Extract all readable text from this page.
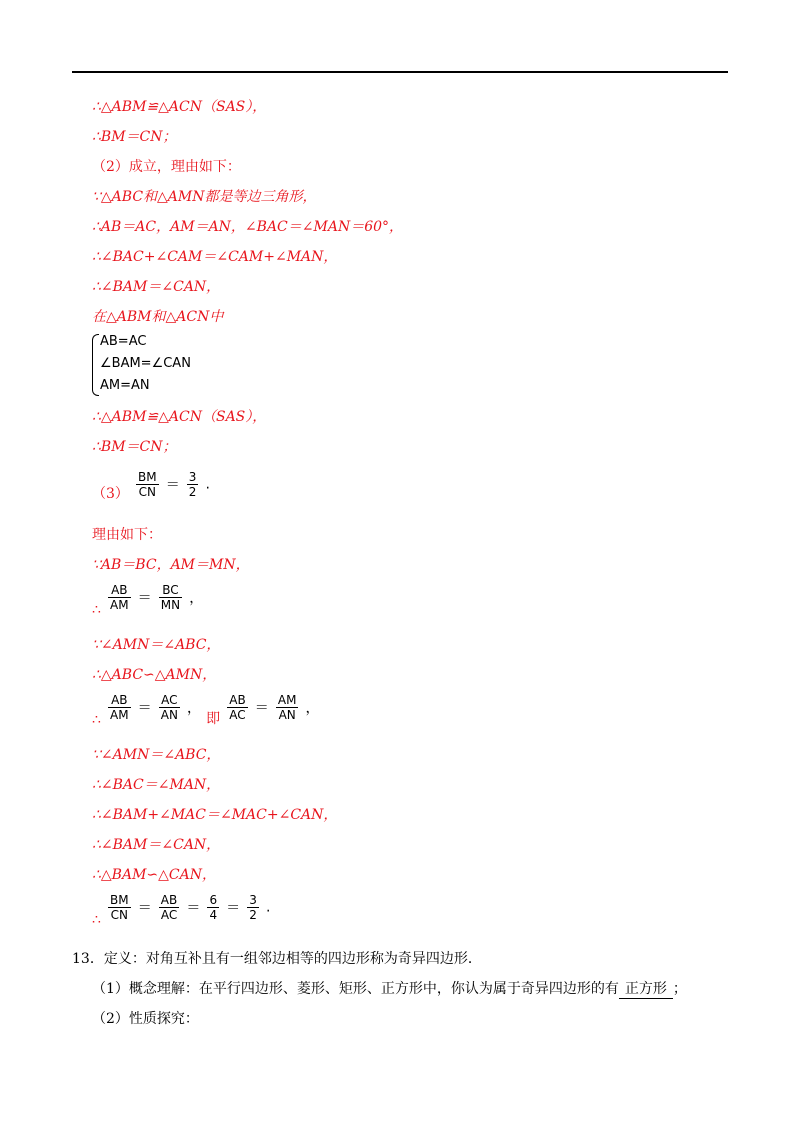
∴△ABM≌△ACN（SAS），
∴BM＝CN；
（2）成立，理由如下：
∵△ABC和△AMN都是等边三角形，
∴AB＝AC，AM＝AN，∠BAC＝∠MAN＝60°，
∴∠BAC+∠CAM＝∠CAM+∠MAN，
∴∠BAM＝∠CAN，
在△ABM和△ACN中
AB=AC
∠BAM=∠CAN
AM=AN
∴△ABM≌△ACN（SAS），
∴BM＝CN；
$(3) \frac{BM}{CN} = \frac{3}{2}$ .
理由如下：
∵AB＝BC，AM＝MN，
∴ $\frac{AB}{AM} = \frac{BC}{MN}$ ，
∵∠AMN＝∠ABC，
∴△ABC∽△AMN，
∴ $\frac{AB}{AM} = \frac{AC}{AN}$ ， 即 $\frac{AB}{AC} = \frac{AM}{AN}$ ，
∵∠AMN＝∠ABC，
∴∠BAC＝∠MAN，
∴∠BAM+∠MAC＝∠MAC+∠CAN，
∴∠BAM＝∠CAN，
∴△BAM∽△CAN，
∴ $\frac{BM}{CN} = \frac{AB}{AC} = \frac{6}{4} = \frac{3}{2}$ .
13．定义：对角互补且有一组邻边相等的四边形称为奇异四边形．
（1）概念理解：在平行四边形、菱形、矩形、正方形中，你认为属于奇异四边形的有 正方形 ；
（2）性质探究：
